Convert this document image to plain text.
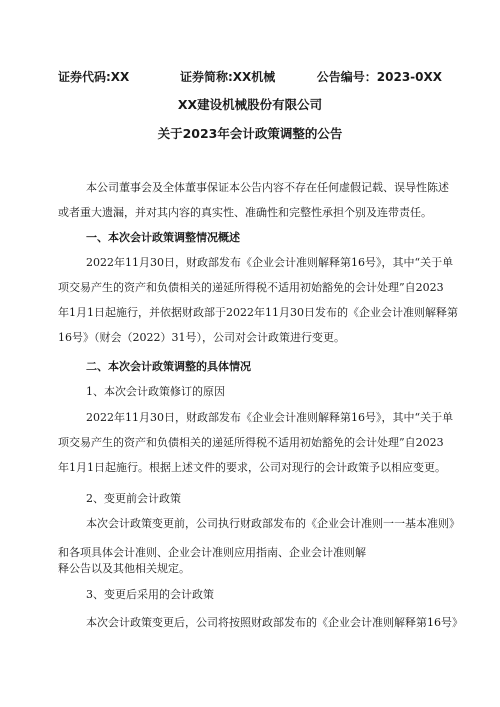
证券代码:XX	证券简称:XX机械	公告编号：2023-0XX
XX建设机械股份有限公司
关于2023年会计政策调整的公告
本公司董事会及全体董事保证本公告内容不存在任何虚假记载、误导性陈述
或者重大遗漏，并对其内容的真实性、准确性和完整性承担个别及连带责任。
一、本次会计政策调整情况概述
2022年11月30日，财政部发布《企业会计准则解释第16号》，其中“关于单
项交易产生的资产和负债相关的递延所得税不适用初始豁免的会计处理”自2023
年1月1日起施行，并依据财政部于2022年11月30日发布的《企业会计准则解释第
16号》（财会（2022）31号），公司对会计政策进行变更。
二、本次会计政策调整的具体情况
1、本次会计政策修订的原因
2022年11月30日，财政部发布《企业会计准则解释第16号》，其中“关于单
项交易产生的资产和负债相关的递延所得税不适用初始豁免的会计处理”自2023
年1月1日起施行。根据上述文件的要求，公司对现行的会计政策予以相应变更。
2、变更前会计政策
本次会计政策变更前，公司执行财政部发布的《企业会计准则一一基本准则》
和各项具体会计准则、企业会计准则应用指南、企业会计准则解
释公告以及其他相关规定。
3、变更后采用的会计政策
本次会计政策变更后，公司将按照财政部发布的《企业会计准则解释第16号》
